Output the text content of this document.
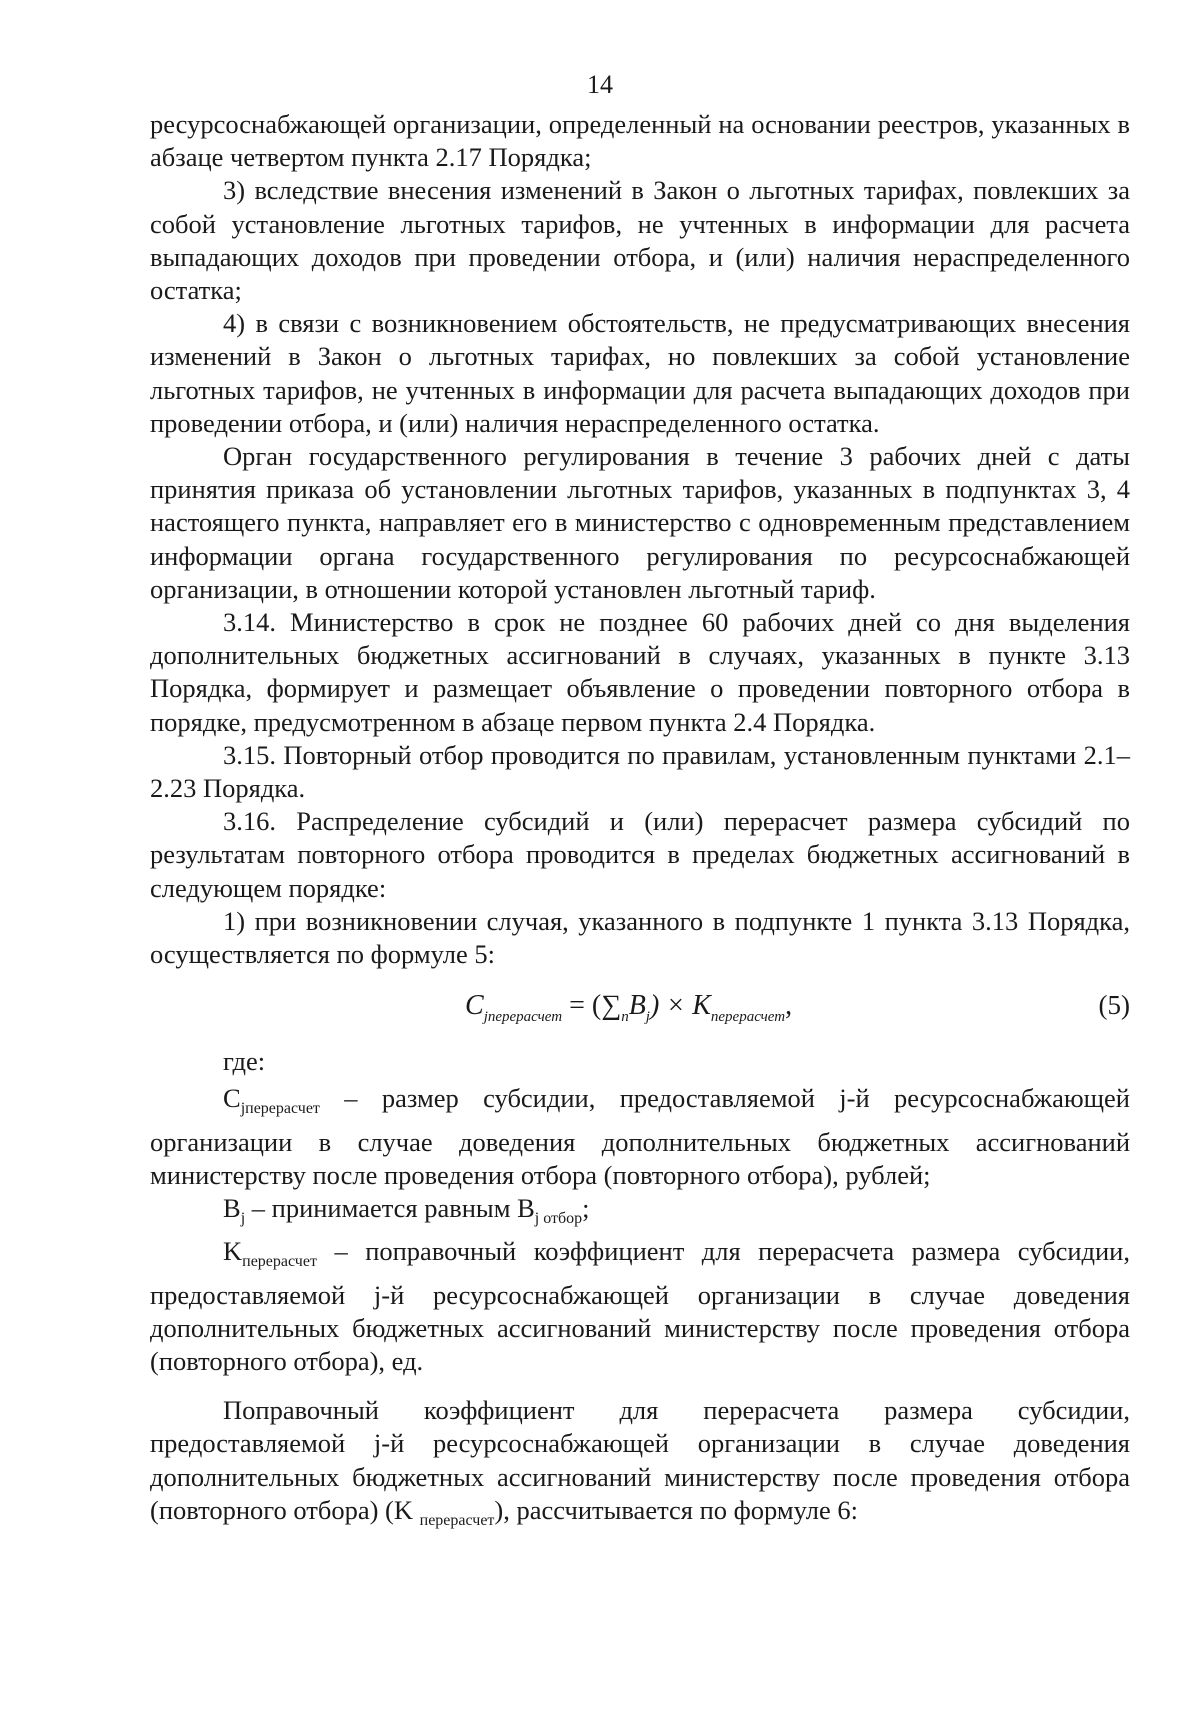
14

ресурсоснабжающей организации, определенный на основании реестров, указанных в абзаце четвертом пункта 2.17 Порядка;

3) вследствие внесения изменений в Закон о льготных тарифах, повлекших за собой установление льготных тарифов, не учтенных в информации для расчета выпадающих доходов при проведении отбора, и (или) наличия нераспределенного остатка;

4) в связи с возникновением обстоятельств, не предусматривающих внесения изменений в Закон о льготных тарифах, но повлекших за собой установление льготных тарифов, не учтенных в информации для расчета выпадающих доходов при проведении отбора, и (или) наличия нераспределенного остатка.

Орган государственного регулирования в течение 3 рабочих дней с даты принятия приказа об установлении льготных тарифов, указанных в подпунктах 3, 4 настоящего пункта, направляет его в министерство с одновременным представлением информации органа государственного регулирования по ресурсоснабжающей организации, в отношении которой установлен льготный тариф.

3.14. Министерство в срок не позднее 60 рабочих дней со дня выделения дополнительных бюджетных ассигнований в случаях, указанных в пункте 3.13 Порядка, формирует и размещает объявление о проведении повторного отбора в порядке, предусмотренном в абзаце первом пункта 2.4 Порядка.

3.15. Повторный отбор проводится по правилам, установленным пунктами 2.1–2.23 Порядка.

3.16. Распределение субсидий и (или) перерасчет размера субсидий по результатам повторного отбора проводится в пределах бюджетных ассигнований в следующем порядке:

1) при возникновении случая, указанного в подпункте 1 пункта 3.13 Порядка, осуществляется по формуле 5:

$C_{jперерасчет} = (\sum_nB_j) \times K_{перерасчет}$,	(5)

где:

$C_{jперерасчет}$ – размер субсидии, предоставляемой j-й ресурсоснабжающей организации в случае доведения дополнительных бюджетных ассигнований министерству после проведения отбора (повторного отбора), рублей;

$B_j$ – принимается равным $B_{j отбор}$;

$K_{перерасчет}$ – поправочный коэффициент для перерасчета размера субсидии, предоставляемой j-й ресурсоснабжающей организации в случае доведения дополнительных бюджетных ассигнований министерству после проведения отбора (повторного отбора), ед.

Поправочный коэффициент для перерасчета размера субсидии, предоставляемой j-й ресурсоснабжающей организации в случае доведения дополнительных бюджетных ассигнований министерству после проведения отбора (повторного отбора) (K $_{перерасчет}$), рассчитывается по формуле 6:
